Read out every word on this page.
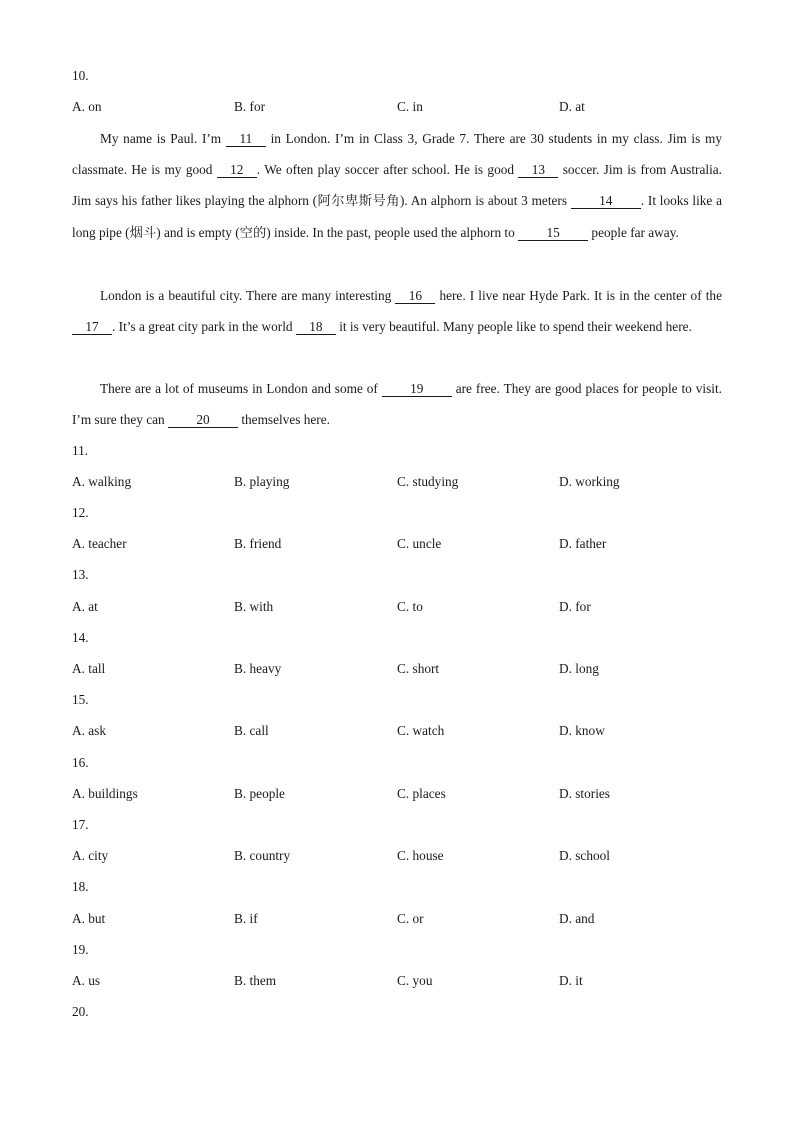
10.
A. on	B. for	C. in	D. at

My name is Paul. I’m 11 in London. I’m in Class 3, Grade 7. There are 30 students in my class. Jim is my classmate. He is my good 12 . We often play soccer after school. He is good 13 soccer. Jim is from Australia. Jim says his father likes playing the alphorn (阿尔卑斯号角). An alphorn is about 3 meters 14 . It looks like a long pipe (烟斗) and is empty (空的) inside. In the past, people used the alphorn to 15 people far away.

London is a beautiful city. There are many interesting 16 here. I live near Hyde Park. It is in the center of the 17 . It’s a great city park in the world 18 it is very beautiful. Many people like to spend their weekend here.

There are a lot of museums in London and some of 19 are free. They are good places for people to visit. I’m sure they can 20 themselves here.

11.
A. walking	B. playing	C. studying	D. working
12.
A. teacher	B. friend	C. uncle	D. father
13.
A. at	B. with	C. to	D. for
14.
A. tall	B. heavy	C. short	D. long
15.
A. ask	B. call	C. watch	D. know
16.
A. buildings	B. people	C. places	D. stories
17.
A. city	B. country	C. house	D. school
18.
A. but	B. if	C. or	D. and
19.
A. us	B. them	C. you	D. it
20.
